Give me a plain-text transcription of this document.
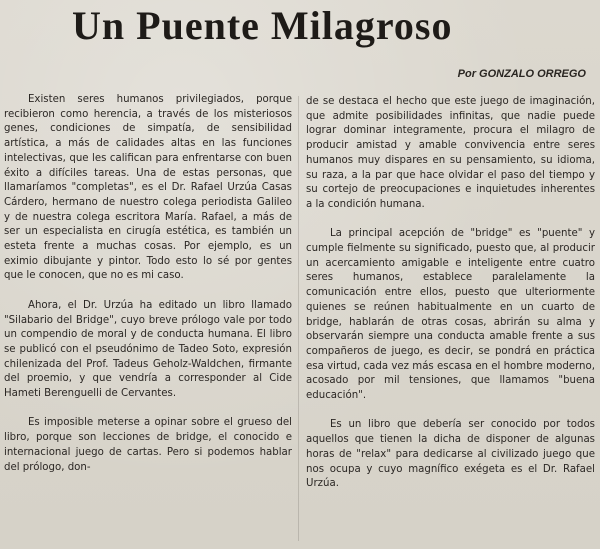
Un Puente Milagroso
Por GONZALO ORREGO

Existen seres humanos privilegiados, porque recibieron como herencia, a través de los misteriosos genes, condiciones de simpatía, de sensibilidad artística, a más de calidades altas en las funciones intelectivas, que les califican para enfrentarse con buen éxito a difíciles tareas. Una de estas personas, que llamaríamos "completas", es el Dr. Rafael Urzúa Casas Cárdero, hermano de nuestro colega periodista Galileo y de nuestra colega escritora María. Rafael, a más de ser un especialista en cirugía estética, es también un esteta frente a muchas cosas. Por ejemplo, es un eximio dibujante y pintor. Todo esto lo sé por gentes que le conocen, que no es mi caso.

Ahora, el Dr. Urzúa ha editado un libro llamado "Silabario del Bridge", cuyo breve prólogo vale por todo un compendio de moral y de conducta humana. El libro se publicó con el pseudónimo de Tadeo Soto, expresión chilenizada del Prof. Tadeus Geholz-Waldchen, firmante del proemio, y que vendría a corresponder al Cide Hameti Berenguelli de Cervantes.

Es imposible meterse a opinar sobre el grueso del libro, porque son lecciones de bridge, el conocido e internacional juego de cartas. Pero si podemos hablar del prólogo, don-

de se destaca el hecho que este juego de imaginación, que admite posibilidades infinitas, que nadie puede lograr dominar integramente, procura el milagro de producir amistad y amable convivencia entre seres humanos muy dispares en su pensamiento, su idioma, su raza, a la par que hace olvidar el paso del tiempo y su cortejo de preocupaciones e inquietudes inherentes a la condición humana.

La principal acepción de "bridge" es "puente" y cumple fielmente su significado, puesto que, al producir un acercamiento amigable e inteligente entre cuatro seres humanos, establece paralelamente la comunicación entre ellos, puesto que ulteriormente quienes se reúnen habitualmente en un cuarto de bridge, hablarán de otras cosas, abrirán su alma y observarán siempre una conducta amable frente a sus compañeros de juego, es decir, se pondrá en práctica esa virtud, cada vez más escasa en el hombre moderno, acosado por mil tensiones, que llamamos "buena educación".

Es un libro que debería ser conocido por todos aquellos que tienen la dicha de disponer de algunas horas de "relax" para dedicarse al civilizado juego que nos ocupa y cuyo magnífico exégeta es el Dr. Rafael Urzúa.
